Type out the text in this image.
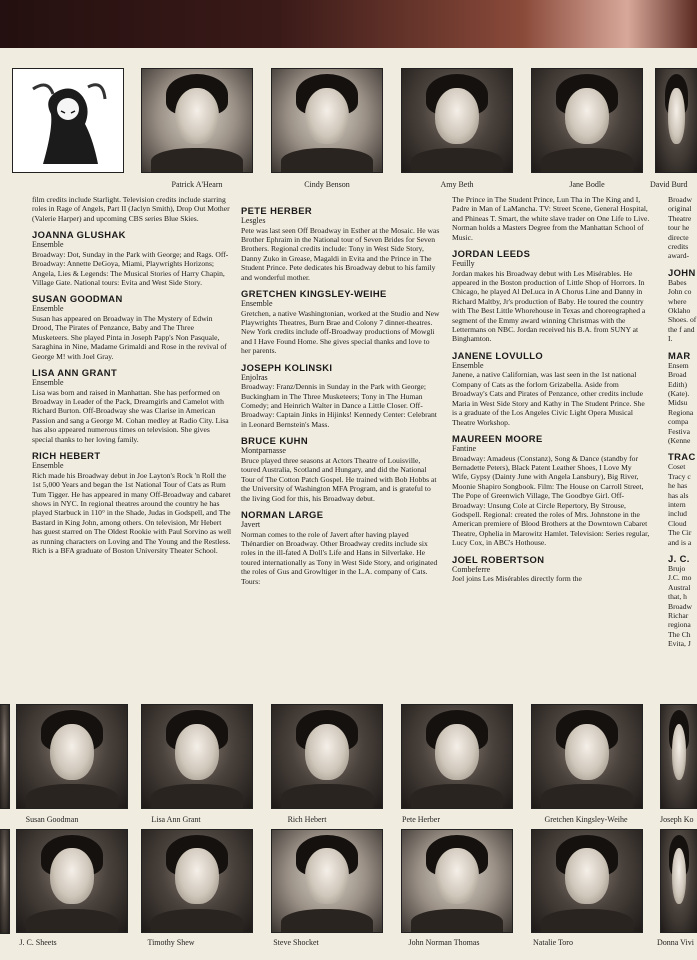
Patrick A'Hearn	Cindy Benson	Amy Beth	Jane Bodle	David Burd

film credits include Starlight. Television credits include starring roles in Rage of Angels, Part II (Jaclyn Smith), Drop Out Mother (Valerie Harper) and upcoming CBS series Blue Skies.

JOANNA GLUSHAK
Ensemble

Broadway: Dot, Sunday in the Park with George; and Rags. Off-Broadway: Annette DeGoya, Miami, Playwrights Horizons; Angela, Lies & Legends: The Musical Stories of Harry Chapin, Village Gate. National tours: Evita and West Side Story.

SUSAN GOODMAN
Ensemble

Susan has appeared on Broadway in The Mystery of Edwin Drood, The Pirates of Penzance, Baby and The Three Musketeers. She played Pinta in Joseph Papp's Non Pasquale, Saraghina in Nine, Madame Grimaldi and Rose in the revival of George M! with Joel Gray.

LISA ANN GRANT
Ensemble

Lisa was born and raised in Manhattan. She has performed on Broadway in Leader of the Pack, Dreamgirls and Camelot with Richard Burton. Off-Broadway she was Clarise in American Passion and sang a George M. Cohan medley at Radio City. Lisa has also appeared numerous times on television. She gives special thanks to her loving family.

RICH HEBERT
Ensemble

Rich made his Broadway debut in Joe Layton's Rock 'n Roll the 1st 5,000 Years and began the 1st National Tour of Cats as Rum Tum Tigger. He has appeared in many Off-Broadway and cabaret shows in NYC. In regional theatres around the country he has played Starbuck in 110° in the Shade, Judas in Godspell, and The Bastard in King John, among others. On television, Mr Hebert has guest starred on The Oldest Rookie with Paul Sorvino as well as running characters on Loving and The Young and the Restless. Rich is a BFA graduate of Boston University Theater School.

PETE HERBER
Lesgles

Pete was last seen Off Broadway in Esther at the Mosaic. He was Brother Ephraim in the National tour of Seven Brides for Seven Brothers. Regional credits include: Tony in West Side Story, Danny Zuko in Grease, Magaldi in Evita and the Prince in The Student Prince. Pete dedicates his Broadway debut to his family and wonderful mother.

GRETCHEN KINGSLEY-WEIHE
Ensemble

Gretchen, a native Washingtonian, worked at the Studio and New Playwrights Theatres, Burn Brae and Colony 7 dinner-theatres. New York credits include off-Broadway productions of Mowgli and I Have Found Home. She gives special thanks and love to her parents.

JOSEPH KOLINSKI
Enjolras

Broadway: Franz/Dennis in Sunday in the Park with George; Buckingham in The Three Musketeers; Tony in The Human Comedy; and Heinrich Walter in Dance a Little Closer. Off-Broadway: Captain Jinks in Hijinks! Kennedy Center: Celebrant in Leonard Bernstein's Mass.

BRUCE KUHN
Montparnasse

Bruce played three seasons at Actors Theatre of Louisville, toured Australia, Scotland and Hungary, and did the National Tour of The Cotton Patch Gospel. He trained with Bob Hobbs at the University of Washington MFA Program, and is grateful to the living God for this, his Broadway debut.

NORMAN LARGE
Javert

Norman comes to the role of Javert after having played Thénardier on Broadway. Other Broadway credits include six roles in the ill-fated A Doll's Life and Hans in Silverlake. He toured internationally as Tony in West Side Story, and originated the roles of Gus and Growltiger in the L.A. company of Cats. Tours:

The Prince in The Student Prince, Lun Tha in The King and I, Padre in Man of LaMancha. TV: Street Scene, General Hospital, and Phineas T. Smart, the white slave trader on One Life to Live. Norman holds a Masters Degree from the Manhattan School of Music.

JORDAN LEEDS
Feuilly

Jordan makes his Broadway debut with Les Misérables. He appeared in the Boston production of Little Shop of Horrors. In Chicago, he played Al DeLuca in A Chorus Line and Danny in Richard Maltby, Jr's production of Baby. He toured the country with The Best Little Whorehouse in Texas and choreographed a segment of the Emmy award winning Christmas with the Lettermans on NBC. Jordan received his B.A. from SUNY at Binghamton.

JANENE LOVULLO
Ensemble

Janene, a native Californian, was last seen in the 1st national Company of Cats as the forlorn Grizabella. Aside from Broadway's Cats and Pirates of Penzance, other credits include Maria in West Side Story and Kathy in The Student Prince. She is a graduate of the Los Angeles Civic Light Opera Musical Theatre Workshop.

MAUREEN MOORE
Fantine

Broadway: Amadeus (Constanz), Song & Dance (standby for Bernadette Peters), Black Patent Leather Shoes, I Love My Wife, Gypsy (Dainty June with Angela Lansbury), Big River, Moonie Shapiro Songbook. Film: The House on Carroll Street, The Pope of Greenwich Village, The Goodbye Girl. Off-Broadway: Unsung Cole at Circle Repertory, By Strouse, Godspell. Regional: created the roles of Mrs. Johnstone in the American premiere of Blood Brothers at the Downtown Cabaret Theatre, Ophelia in Marowitz Hamlet. Television: Series regular, Lucy Cox, in ABC's Hothouse.

JOEL ROBERTSON
Combeferre

Joel joins Les Misérables directly form the

Broadw

original

Theatre

tour he

directe

credits

award-

JOHN

Babes John co where Oklaho Shoes. of the f and I.

MAR

Ensem Broad Edith) (Kate). Midsu Regiona compa Festiva (Kenne

TRAC

Coset Tracy c he has has als intern includ Cloud The Cir and is a

J. C.

Brujo J.C. mo Austral that, h Broadw Richar regiona The Ch Evita, J

Susan Goodman	Lisa Ann Grant	Rich Hebert	Pete Herber	Gretchen Kingsley-Weihe	Joseph Ko
J. C. Sheets	Timothy Shew	Steve Shocket	John Norman Thomas	Natalie Toro	Donna Vivi
